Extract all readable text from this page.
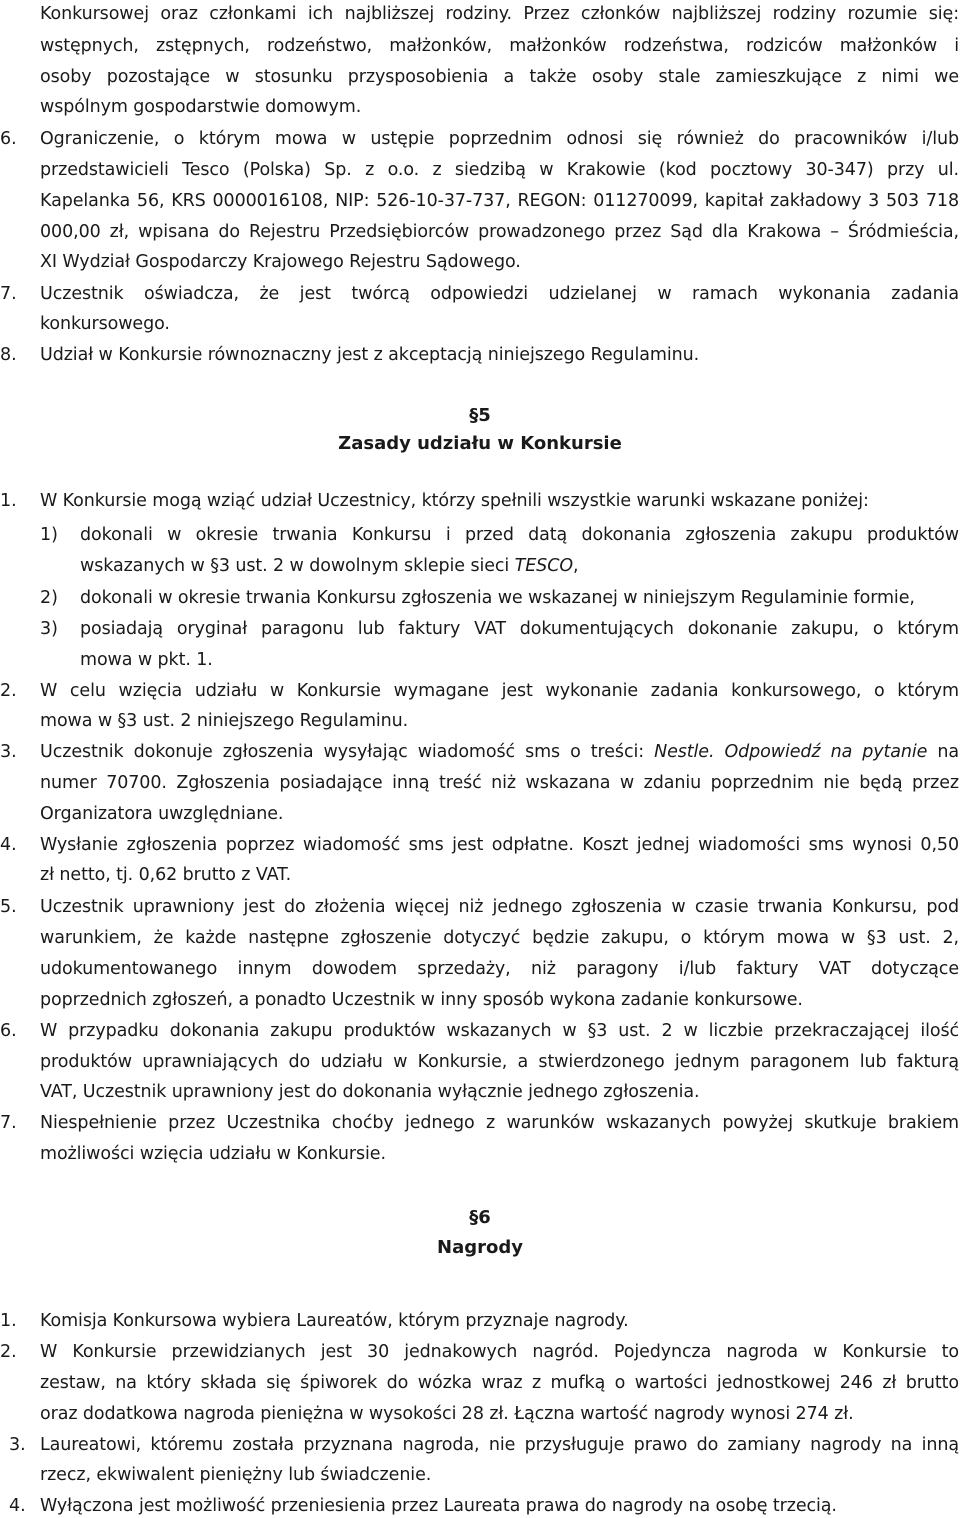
Konkursowej oraz członkami ich najbliższej rodziny. Przez członków najbliższej rodziny rozumie się:
wstępnych, zstępnych, rodzeństwo, małżonków, małżonków rodzeństwa, rodziców małżonków i
osoby pozostające w stosunku przysposobienia a także osoby stale zamieszkujące z nimi we
wspólnym gospodarstwie domowym.
6. Ograniczenie, o którym mowa w ustępie poprzednim odnosi się również do pracowników i/lub
przedstawicieli Tesco (Polska) Sp. z o.o. z siedzibą w Krakowie (kod pocztowy 30-347) przy ul.
Kapelanka 56, KRS 0000016108, NIP: 526-10-37-737, REGON: 011270099, kapitał zakładowy 3 503 718
000,00 zł, wpisana do Rejestru Przedsiębiorców prowadzonego przez Sąd dla Krakowa – Śródmieścia,
XI Wydział Gospodarczy Krajowego Rejestru Sądowego.
7. Uczestnik oświadcza, że jest twórcą odpowiedzi udzielanej w ramach wykonania zadania
konkursowego.
8. Udział w Konkursie równoznaczny jest z akceptacją niniejszego Regulaminu.
§5
Zasady udziału w Konkursie
1. W Konkursie mogą wziąć udział Uczestnicy, którzy spełnili wszystkie warunki wskazane poniżej:
1) dokonali w okresie trwania Konkursu i przed datą dokonania zgłoszenia zakupu produktów
wskazanych w §3 ust. 2 w dowolnym sklepie sieci TESCO,
2) dokonali w okresie trwania Konkursu zgłoszenia we wskazanej w niniejszym Regulaminie formie,
3) posiadają oryginał paragonu lub faktury VAT dokumentujących dokonanie zakupu, o którym
mowa w pkt. 1.
2. W celu wzięcia udziału w Konkursie wymagane jest wykonanie zadania konkursowego, o którym
mowa w §3 ust. 2 niniejszego Regulaminu.
3. Uczestnik dokonuje zgłoszenia wysyłając wiadomość sms o treści: Nestle. Odpowiedź na pytanie na
numer 70700. Zgłoszenia posiadające inną treść niż wskazana w zdaniu poprzednim nie będą przez
Organizatora uwzględniane.
4. Wysłanie zgłoszenia poprzez wiadomość sms jest odpłatne. Koszt jednej wiadomości sms wynosi 0,50
zł netto, tj. 0,62 brutto z VAT.
5. Uczestnik uprawniony jest do złożenia więcej niż jednego zgłoszenia w czasie trwania Konkursu, pod
warunkiem, że każde następne zgłoszenie dotyczyć będzie zakupu, o którym mowa w §3 ust. 2,
udokumentowanego innym dowodem sprzedaży, niż paragony i/lub faktury VAT dotyczące
poprzednich zgłoszeń, a ponadto Uczestnik w inny sposób wykona zadanie konkursowe.
6. W przypadku dokonania zakupu produktów wskazanych w §3 ust. 2 w liczbie przekraczającej ilość
produktów uprawniających do udziału w Konkursie, a stwierdzonego jednym paragonem lub fakturą
VAT, Uczestnik uprawniony jest do dokonania wyłącznie jednego zgłoszenia.
7. Niespełnienie przez Uczestnika choćby jednego z warunków wskazanych powyżej skutkuje brakiem
możliwości wzięcia udziału w Konkursie.
§6
Nagrody
1. Komisja Konkursowa wybiera Laureatów, którym przyznaje nagrody.
2. W Konkursie przewidzianych jest 30 jednakowych nagród. Pojedyncza nagroda w Konkursie to
zestaw, na który składa się śpiworek do wózka wraz z mufką o wartości jednostkowej 246 zł brutto
oraz dodatkowa nagroda pieniężna w wysokości 28 zł. Łączna wartość nagrody wynosi 274 zł.
3. Laureatowi, któremu została przyznana nagroda, nie przysługuje prawo do zamiany nagrody na inną
rzecz, ekwiwalent pieniężny lub świadczenie.
4. Wyłączona jest możliwość przeniesienia przez Laureata prawa do nagrody na osobę trzecią.
